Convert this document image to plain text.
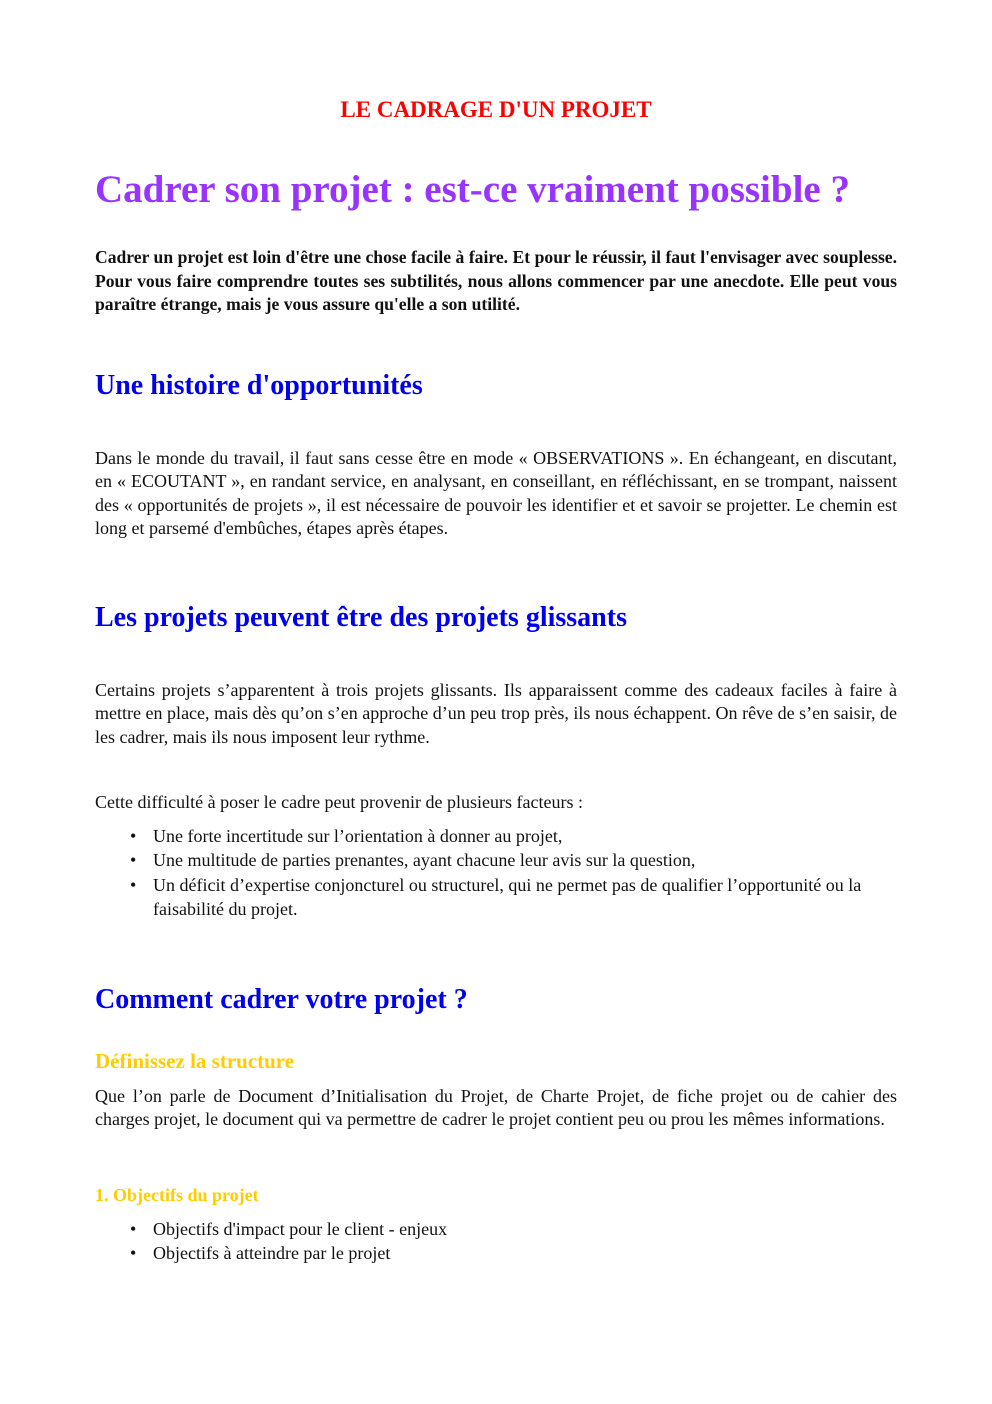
LE CADRAGE D'UN PROJET
Cadrer son projet : est-ce vraiment possible ?

Cadrer un projet est loin d'être une chose facile à faire. Et pour le réussir, il faut l'envisager avec souplesse. Pour vous faire comprendre toutes ses subtilités, nous allons commencer par une anecdote. Elle peut vous paraître étrange, mais je vous assure qu'elle a son utilité.

Une histoire d'opportunités

Dans le monde du travail, il faut sans cesse être en mode « OBSERVATIONS ». En échangeant, en discutant, en « ECOUTANT », en randant service, en analysant, en conseillant, en réfléchissant, en se trompant, naissent des « opportunités de projets », il est nécessaire de pouvoir les identifier et et savoir se projetter. Le chemin est long et parsemé d'embûches, étapes après étapes.

Les projets peuvent être des projets glissants

Certains projets s’apparentent à trois projets glissants. Ils apparaissent comme des cadeaux faciles à faire à mettre en place, mais dès qu’on s’en approche d’un peu trop près, ils nous échappent. On rêve de s’en saisir, de les cadrer, mais ils nous imposent leur rythme.

Cette difficulté à poser le cadre peut provenir de plusieurs facteurs :

• Une forte incertitude sur l’orientation à donner au projet,
• Une multitude de parties prenantes, ayant chacune leur avis sur la question,
• Un déficit d’expertise conjoncturel ou structurel, qui ne permet pas de qualifier l’opportunité ou la faisabilité du projet.
Comment cadrer votre projet ?
Définissez la structure

Que l’on parle de Document d’Initialisation du Projet, de Charte Projet, de fiche projet ou de cahier des charges projet, le document qui va permettre de cadrer le projet contient peu ou prou les mêmes informations.

1. Objectifs du projet
• Objectifs d'impact pour le client - enjeux
• Objectifs à atteindre par le projet
